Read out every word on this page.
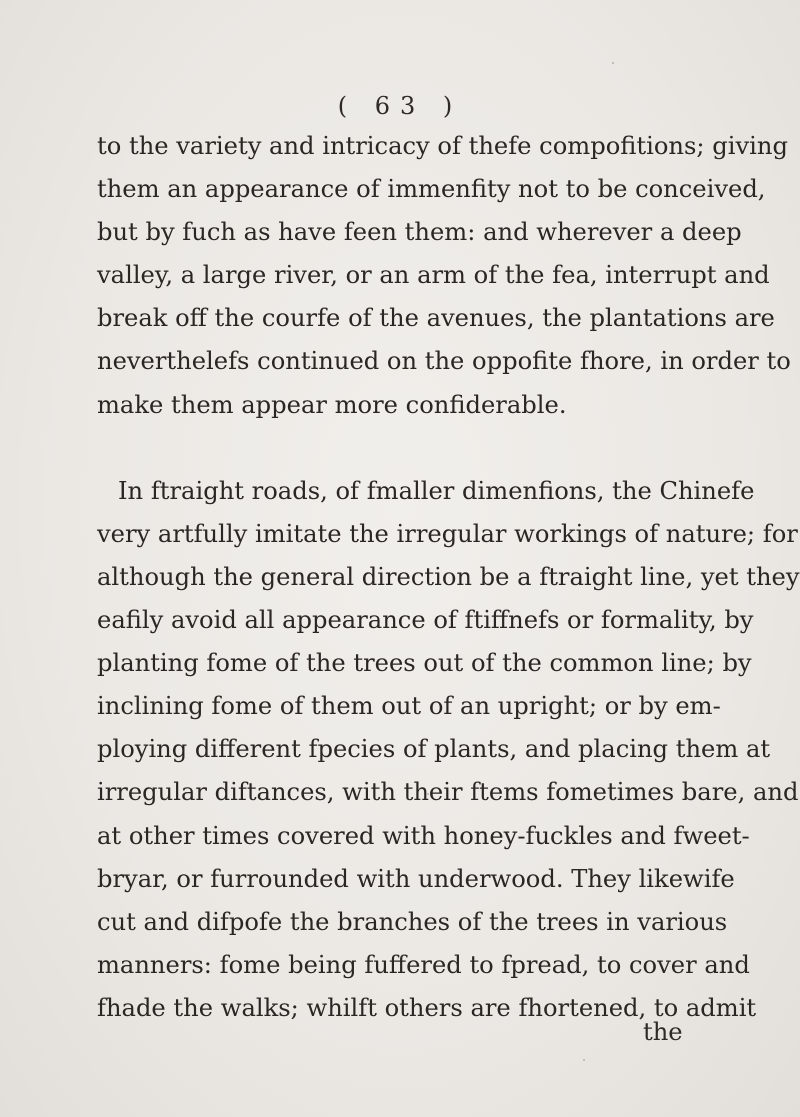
( 63 )
to the variety and intricacy of thefe compofitions; giving
them an appearance of immenfity not to be conceived,
but by fuch as have feen them: and wherever a deep
valley, a large river, or an arm of the fea, interrupt and
break off the courfe of the avenues, the plantations are
neverthelefs continued on the oppofite fhore, in order to
make them appear more confiderable.
In ftraight roads, of fmaller dimenfions, the Chinefe
very artfully imitate the irregular workings of nature; for
although the general direction be a ftraight line, yet they
eafily avoid all appearance of ftiffnefs or formality, by
planting fome of the trees out of the common line; by
inclining fome of them out of an upright; or by em-
ploying different fpecies of plants, and placing them at
irregular diftances, with their ftems fometimes bare, and
at other times covered with honey-fuckles and fweet-
bryar, or furrounded with underwood. They likewife
cut and difpofe the branches of the trees in various
manners: fome being fuffered to fpread, to cover and
fhade the walks; whilft others are fhortened, to admit
the
